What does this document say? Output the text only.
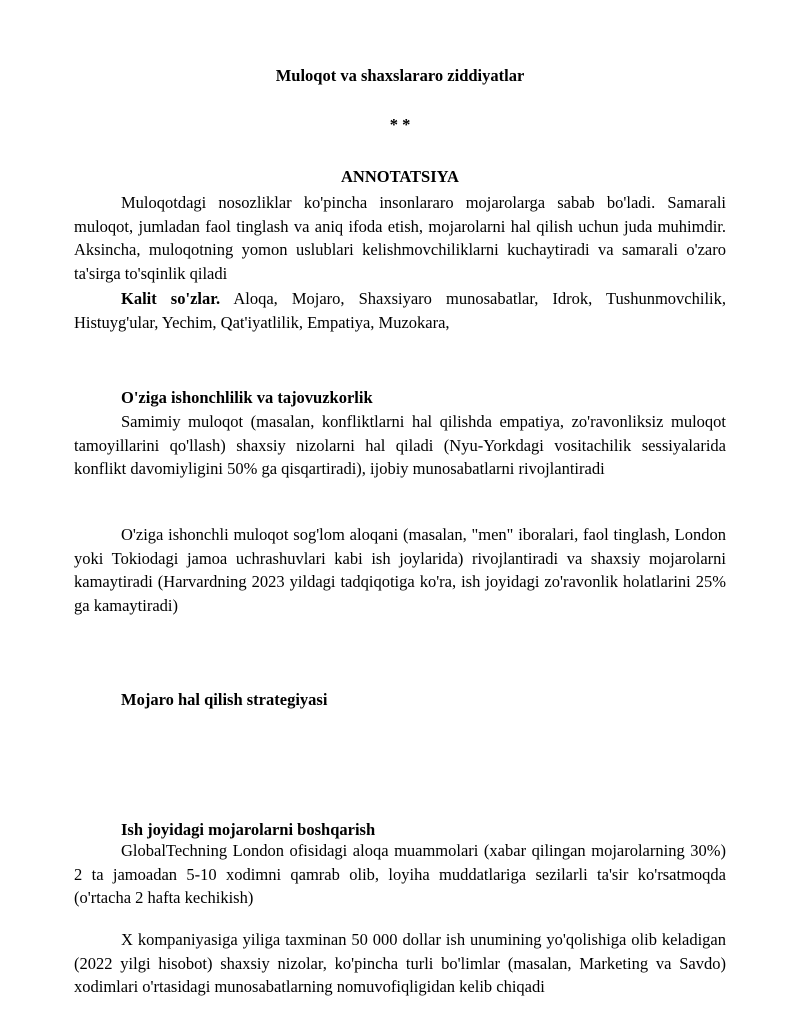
Muloqot va shaxslararo ziddiyatlar

* *

ANNOTATSIYA

Muloqotdagi nosozliklar ko'pincha insonlararo mojarolarga sabab bo'ladi. Samarali muloqot, jumladan faol tinglash va aniq ifoda etish, mojarolarni hal qilish uchun juda muhimdir. Aksincha, muloqotning yomon uslublari kelishmovchiliklarni kuchaytiradi va samarali o'zaro ta'sirga to'sqinlik qiladi

Kalit so'zlar. Aloqa, Mojaro, Shaxsiyaro munosabatlar, Idrok, Tushunmovchilik, Histuyg'ular, Yechim, Qat'iyatlilik, Empatiya, Muzokara,

O'ziga ishonchlilik va tajovuzkorlik

Samimiy muloqot (masalan, konfliktlarni hal qilishda empatiya, zo'ravonliksiz muloqot tamoyillarini qo'llash) shaxsiy nizolarni hal qiladi (Nyu-Yorkdagi vositachilik sessiyalarida konflikt davomiyligini 50% ga qisqartiradi), ijobiy munosabatlarni rivojlantiradi

O'ziga ishonchli muloqot sog'lom aloqani (masalan, "men" iboralari, faol tinglash, London yoki Tokiodagi jamoa uchrashuvlari kabi ish joylarida) rivojlantiradi va shaxsiy mojarolarni kamaytiradi (Harvardning 2023 yildagi tadqiqotiga ko'ra, ish joyidagi zo'ravonlik holatlarini 25% ga kamaytiradi)

Mojaro hal qilish strategiyasi

Ish joyidagi mojarolarni boshqarish

GlobalTechning London ofisidagi aloqa muammolari (xabar qilingan mojarolarning 30%) 2 ta jamoadan 5-10 xodimni qamrab olib, loyiha muddatlariga sezilarli ta'sir ko'rsatmoqda (o'rtacha 2 hafta kechikish)

X kompaniyasiga yiliga taxminan 50 000 dollar ish unumining yo'qolishiga olib keladigan (2022 yilgi hisobot) shaxsiy nizolar, ko'pincha turli bo'limlar (masalan, Marketing va Savdo) xodimlari o'rtasidagi munosabatlarning nomuvofiqligidan kelib chiqadi
